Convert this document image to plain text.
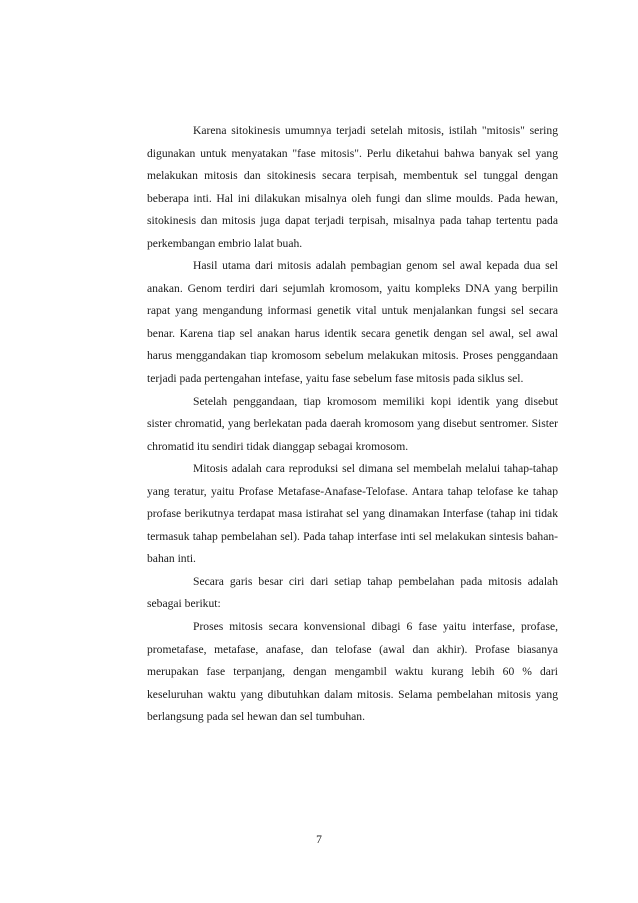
Karena sitokinesis umumnya terjadi setelah mitosis, istilah "mitosis" sering digunakan untuk menyatakan "fase mitosis". Perlu diketahui bahwa banyak sel yang melakukan mitosis dan sitokinesis secara terpisah, membentuk sel tunggal dengan beberapa inti. Hal ini dilakukan misalnya oleh fungi dan slime moulds. Pada hewan, sitokinesis dan mitosis juga dapat terjadi terpisah, misalnya pada tahap tertentu pada perkembangan embrio lalat buah.

Hasil utama dari mitosis adalah pembagian genom sel awal kepada dua sel anakan. Genom terdiri dari sejumlah kromosom, yaitu kompleks DNA yang berpilin rapat yang mengandung informasi genetik vital untuk menjalankan fungsi sel secara benar. Karena tiap sel anakan harus identik secara genetik dengan sel awal, sel awal harus menggandakan tiap kromosom sebelum melakukan mitosis. Proses penggandaan terjadi pada pertengahan intefase, yaitu fase sebelum fase mitosis pada siklus sel.

Setelah penggandaan, tiap kromosom memiliki kopi identik yang disebut sister chromatid, yang berlekatan pada daerah kromosom yang disebut sentromer. Sister chromatid itu sendiri tidak dianggap sebagai kromosom.

Mitosis adalah cara reproduksi sel dimana sel membelah melalui tahap-tahap yang teratur, yaitu Profase Metafase-Anafase-Telofase. Antara tahap telofase ke tahap profase berikutnya terdapat masa istirahat sel yang dinamakan Interfase (tahap ini tidak termasuk tahap pembelahan sel). Pada tahap interfase inti sel melakukan sintesis bahan-bahan inti.

Secara garis besar ciri dari setiap tahap pembelahan pada mitosis adalah sebagai berikut:

Proses mitosis secara konvensional dibagi 6 fase yaitu interfase, profase, prometafase, metafase, anafase, dan telofase (awal dan akhir). Profase biasanya merupakan fase terpanjang, dengan mengambil waktu kurang lebih 60 % dari keseluruhan waktu yang dibutuhkan dalam mitosis. Selama pembelahan mitosis yang berlangsung pada sel hewan dan sel tumbuhan.

7
